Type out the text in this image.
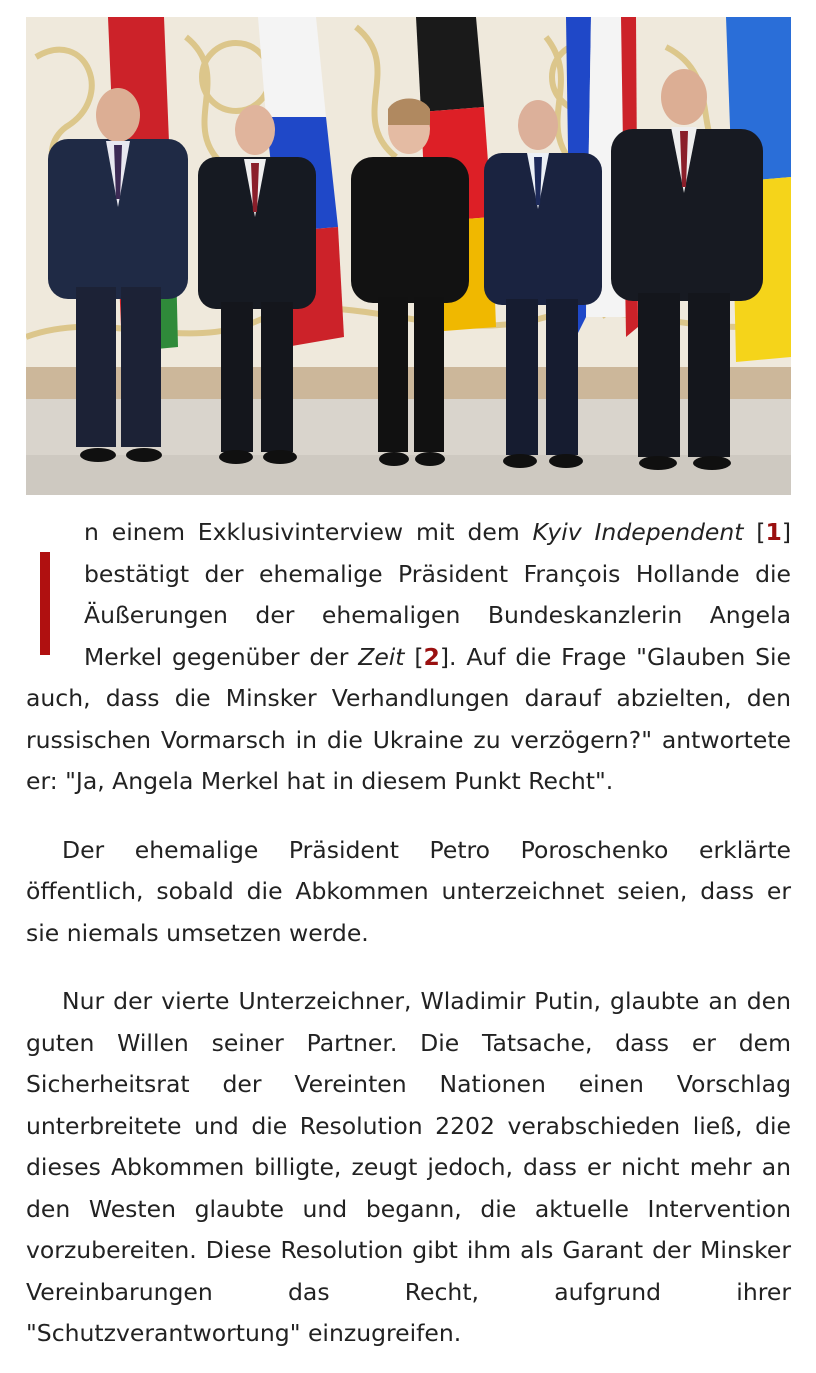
n einem Exklusivinterview mit dem Kyiv Independent [1] bestätigt der ehemalige Präsident François Hollande die Äußerungen der ehemaligen Bundeskanzlerin Angela Merkel gegenüber der Zeit [2]. Auf die Frage "Glauben Sie auch, dass die Minsker Verhandlungen darauf abzielten, den russischen Vormarsch in die Ukraine zu verzögern?" antwortete er: "Ja, Angela Merkel hat in diesem Punkt Recht".

Der ehemalige Präsident Petro Poroschenko erklärte öffentlich, sobald die Abkommen unterzeichnet seien, dass er sie niemals umsetzen werde.

Nur der vierte Unterzeichner, Wladimir Putin, glaubte an den guten Willen seiner Partner. Die Tatsache, dass er dem Sicherheitsrat der Vereinten Nationen einen Vorschlag unterbreitete und die Resolution 2202 verabschieden ließ, die dieses Abkommen billigte, zeugt jedoch, dass er nicht mehr an den Westen glaubte und begann, die aktuelle Intervention vorzubereiten. Diese Resolution gibt ihm als Garant der Minsker Vereinbarungen das Recht, aufgrund ihrer "Schutzverantwortung" einzugreifen.
